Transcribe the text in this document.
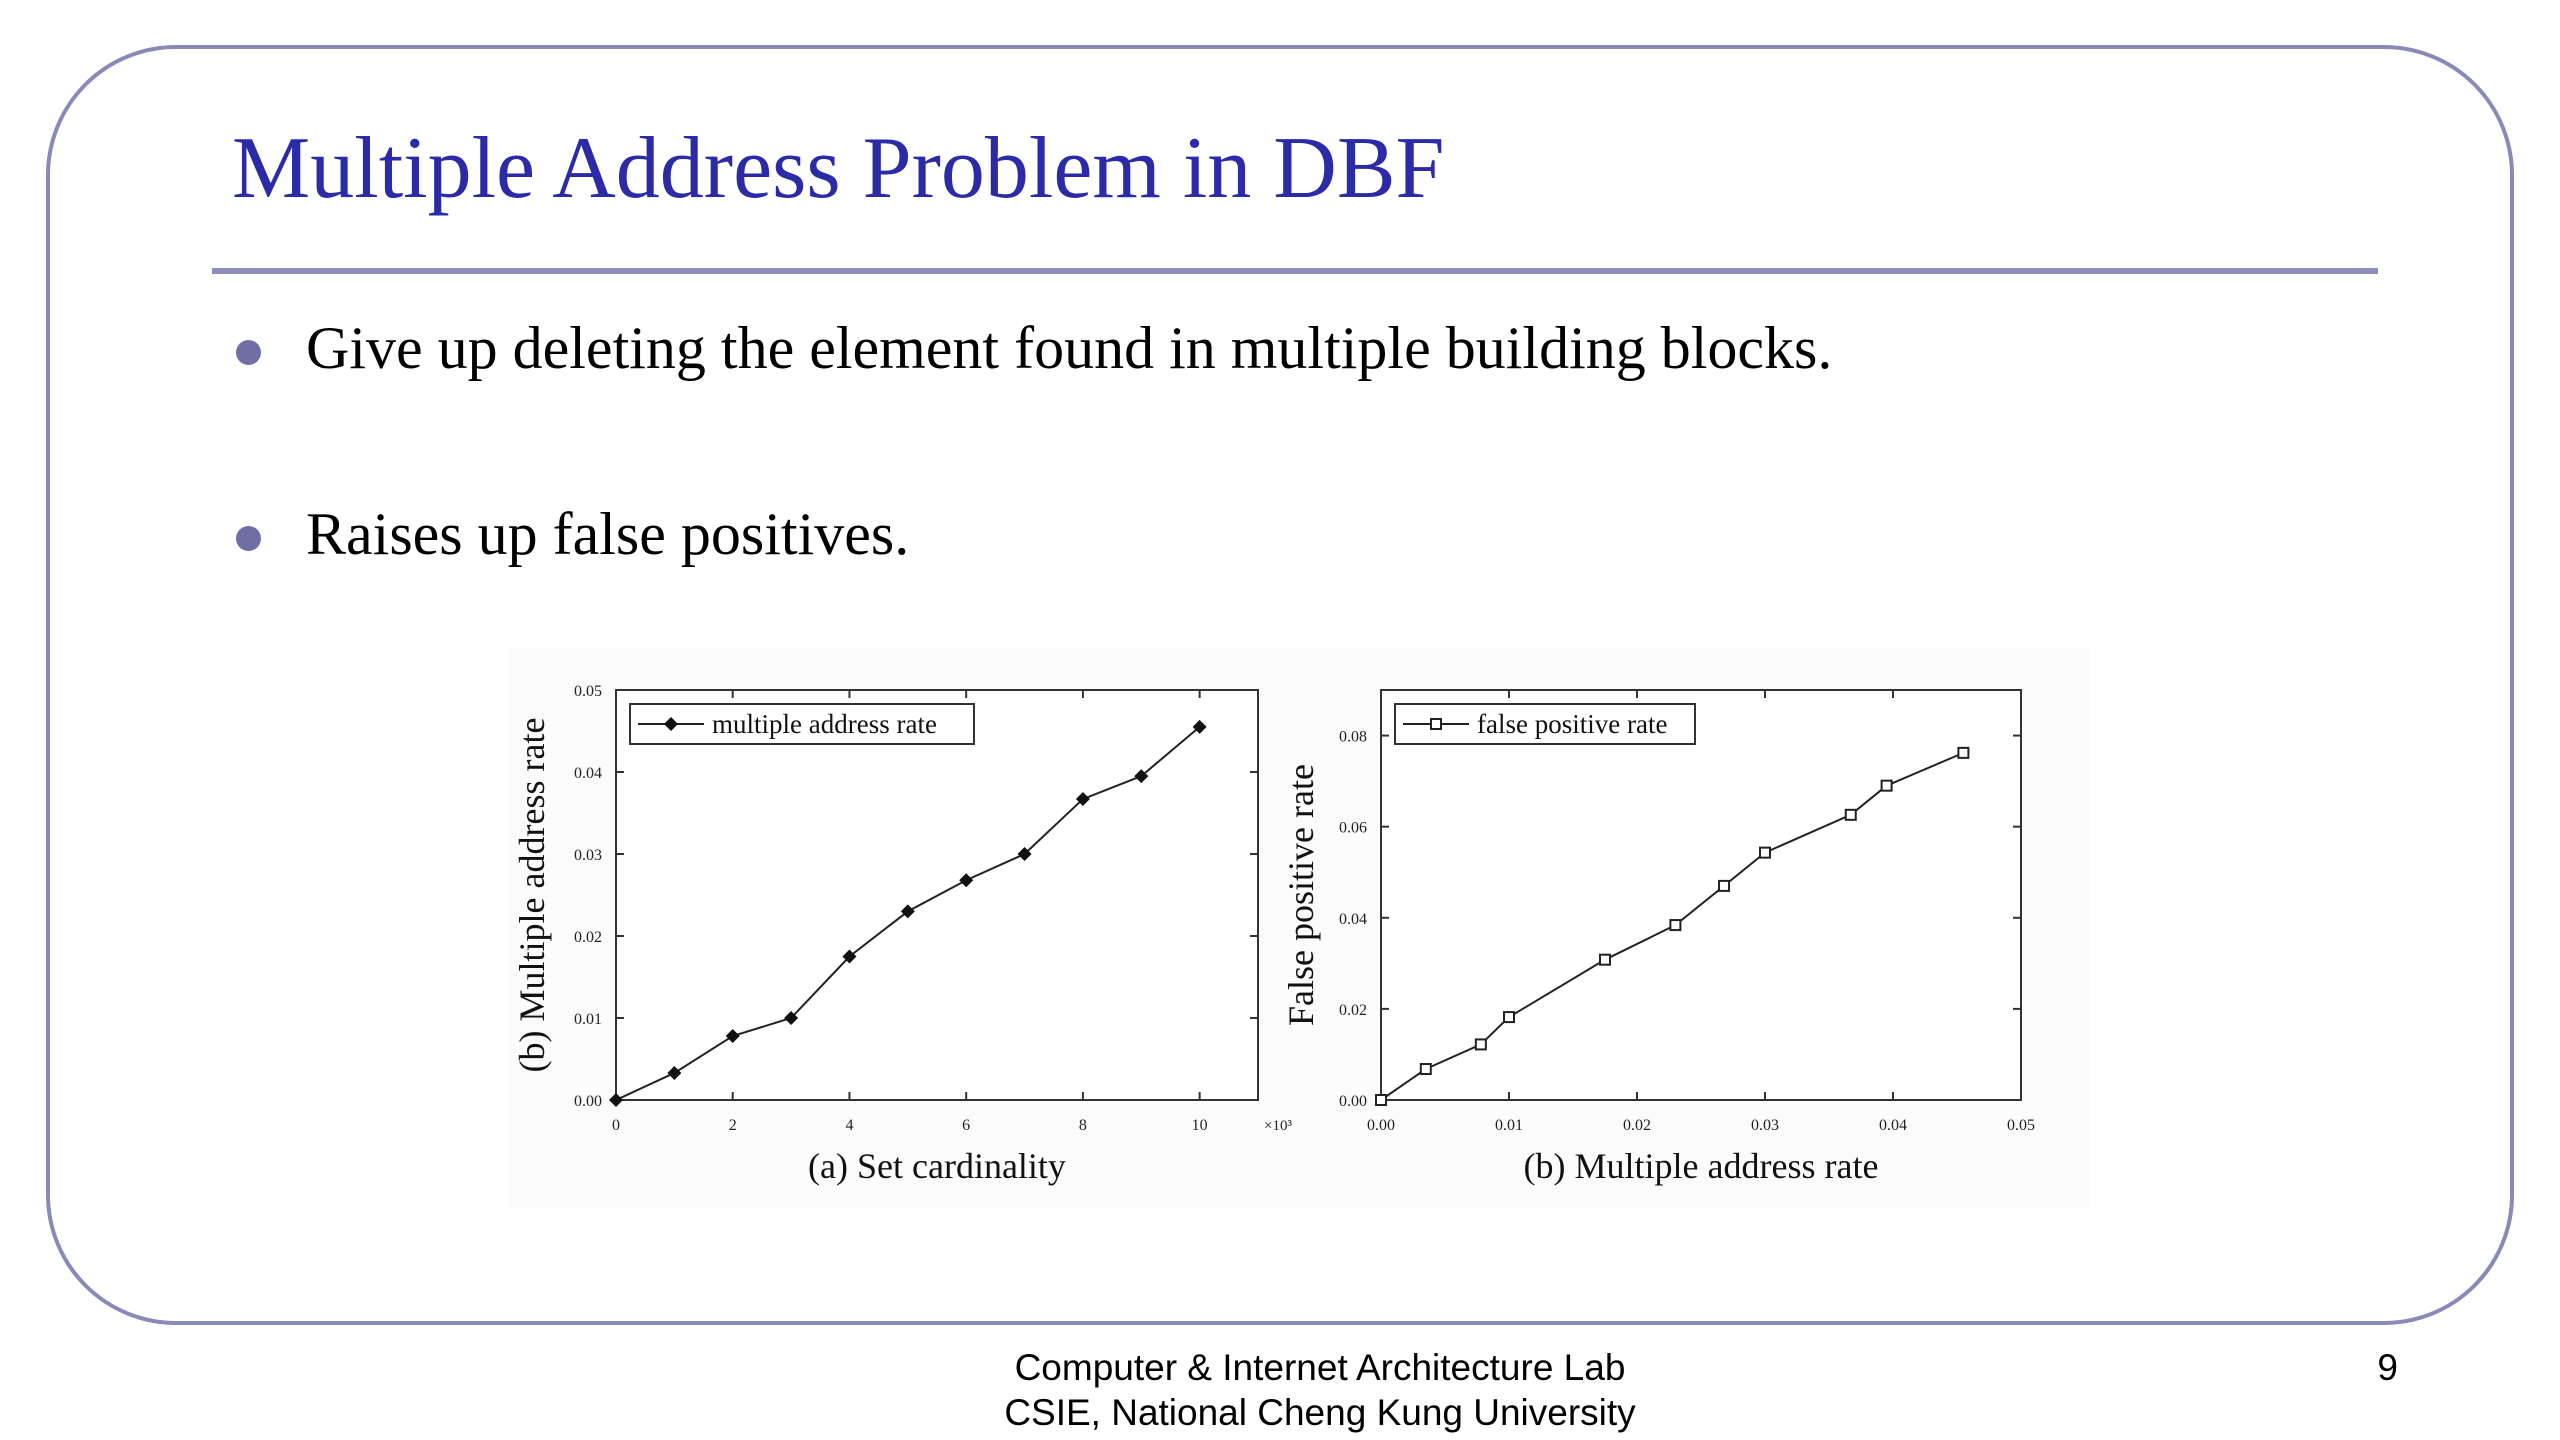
Multiple Address Problem in DBF
Give up deleting the element found in multiple building blocks.
Raises up false positives.
0	2	4	6	8	10
0.00
0.01
0.02
0.03
0.04
0.05
×10³
(a) Set cardinality
(b) Multiple address rate	multiple address rate
0.00	0.01	0.02	0.03	0.04	0.05
0.00
0.02
0.04
0.06
0.08
(b) Multiple address rate
False positive rate
false positive rate
Computer & Internet Architecture Lab
CSIE, National Cheng Kung University
9
